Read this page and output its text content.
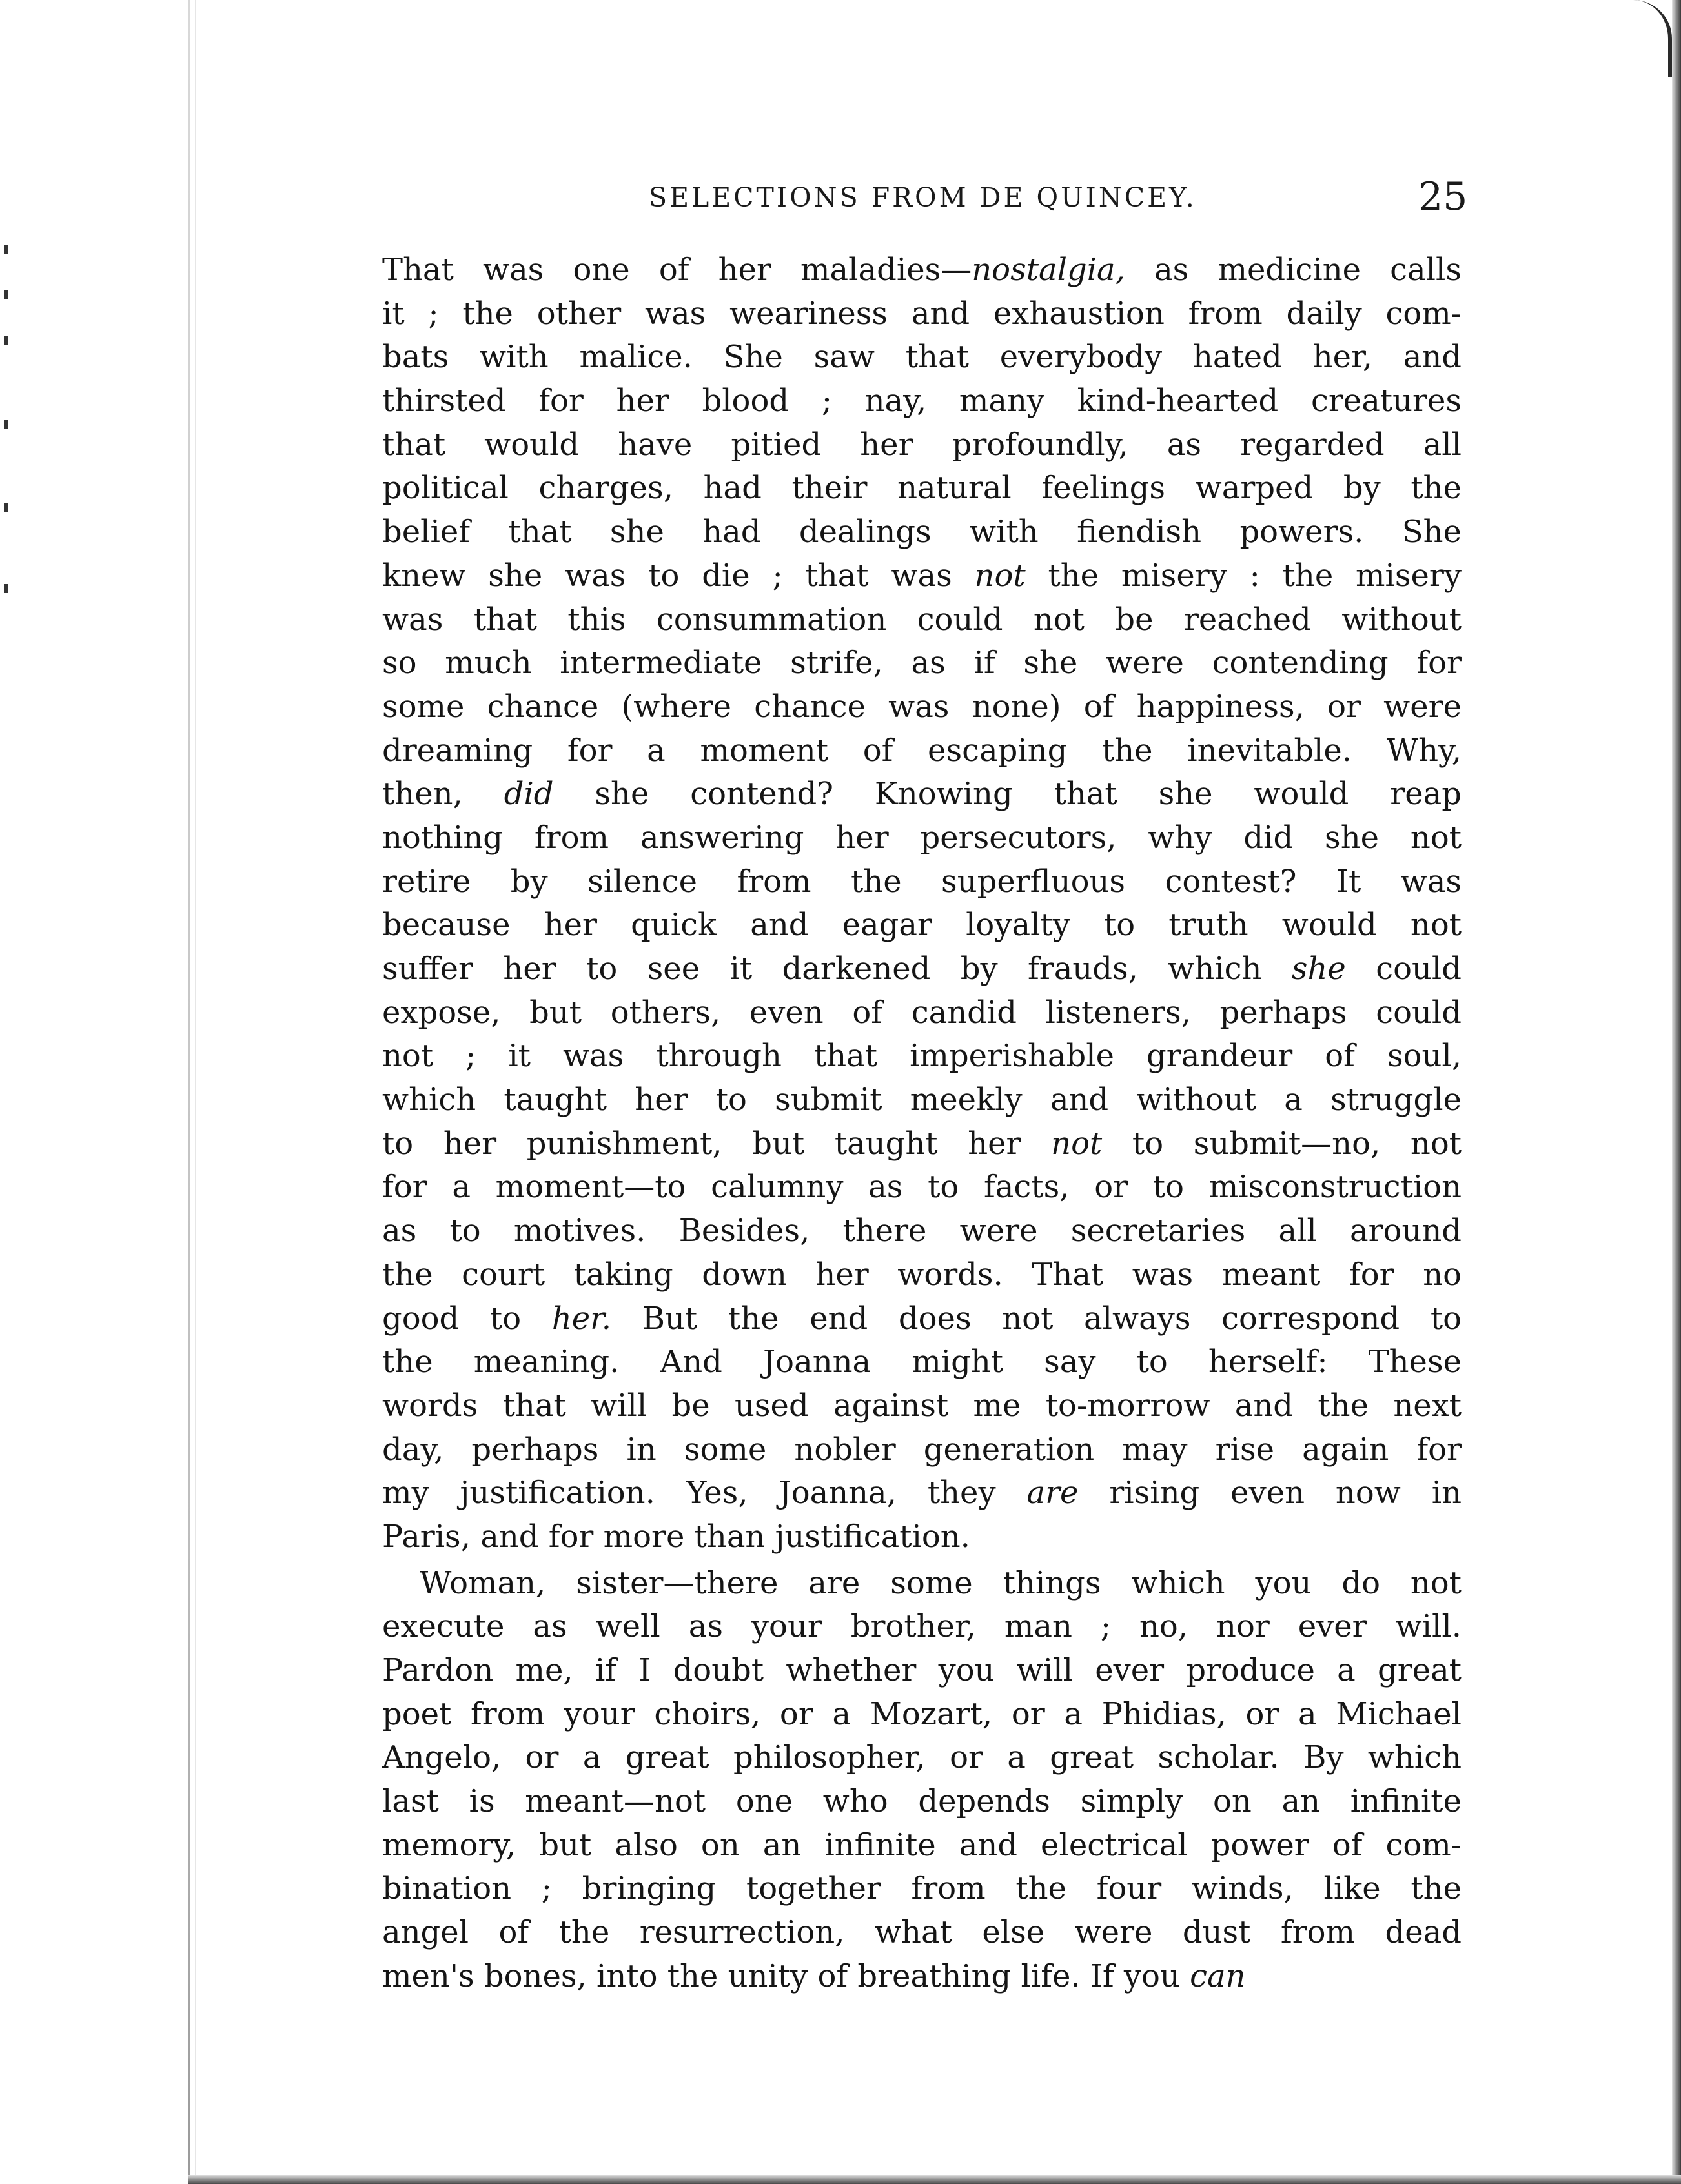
SELECTIONS FROM DE QUINCEY.	25
That was one of her maladies—nostalgia, as medicine calls
it ; the other was weariness and exhaustion from daily com-
bats with malice. She saw that everybody hated her, and
thirsted for her blood ; nay, many kind-hearted creatures
that would have pitied her profoundly, as regarded all
political charges, had their natural feelings warped by the
belief that she had dealings with fiendish powers. She
knew she was to die ; that was not the misery : the misery
was that this consummation could not be reached without
so much intermediate strife, as if she were contending for
some chance (where chance was none) of happiness, or were
dreaming for a moment of escaping the inevitable. Why,
then, did she contend? Knowing that she would reap
nothing from answering her persecutors, why did she not
retire by silence from the superfluous contest? It was
because her quick and eagar loyalty to truth would not
suffer her to see it darkened by frauds, which she could
expose, but others, even of candid listeners, perhaps could
not ; it was through that imperishable grandeur of soul,
which taught her to submit meekly and without a struggle
to her punishment, but taught her not to submit—no, not
for a moment—to calumny as to facts, or to misconstruction
as to motives. Besides, there were secretaries all around
the court taking down her words. That was meant for no
good to her. But the end does not always correspond to
the meaning. And Joanna might say to herself: These
words that will be used against me to-morrow and the next
day, perhaps in some nobler generation may rise again for
my justification. Yes, Joanna, they are rising even now in
Paris, and for more than justification.
Woman, sister—there are some things which you do not
execute as well as your brother, man ; no, nor ever will.
Pardon me, if I doubt whether you will ever produce a great
poet from your choirs, or a Mozart, or a Phidias, or a Michael
Angelo, or a great philosopher, or a great scholar. By which
last is meant—not one who depends simply on an infinite
memory, but also on an infinite and electrical power of com-
bination ; bringing together from the four winds, like the
angel of the resurrection, what else were dust from dead
men's bones, into the unity of breathing life. If you can
